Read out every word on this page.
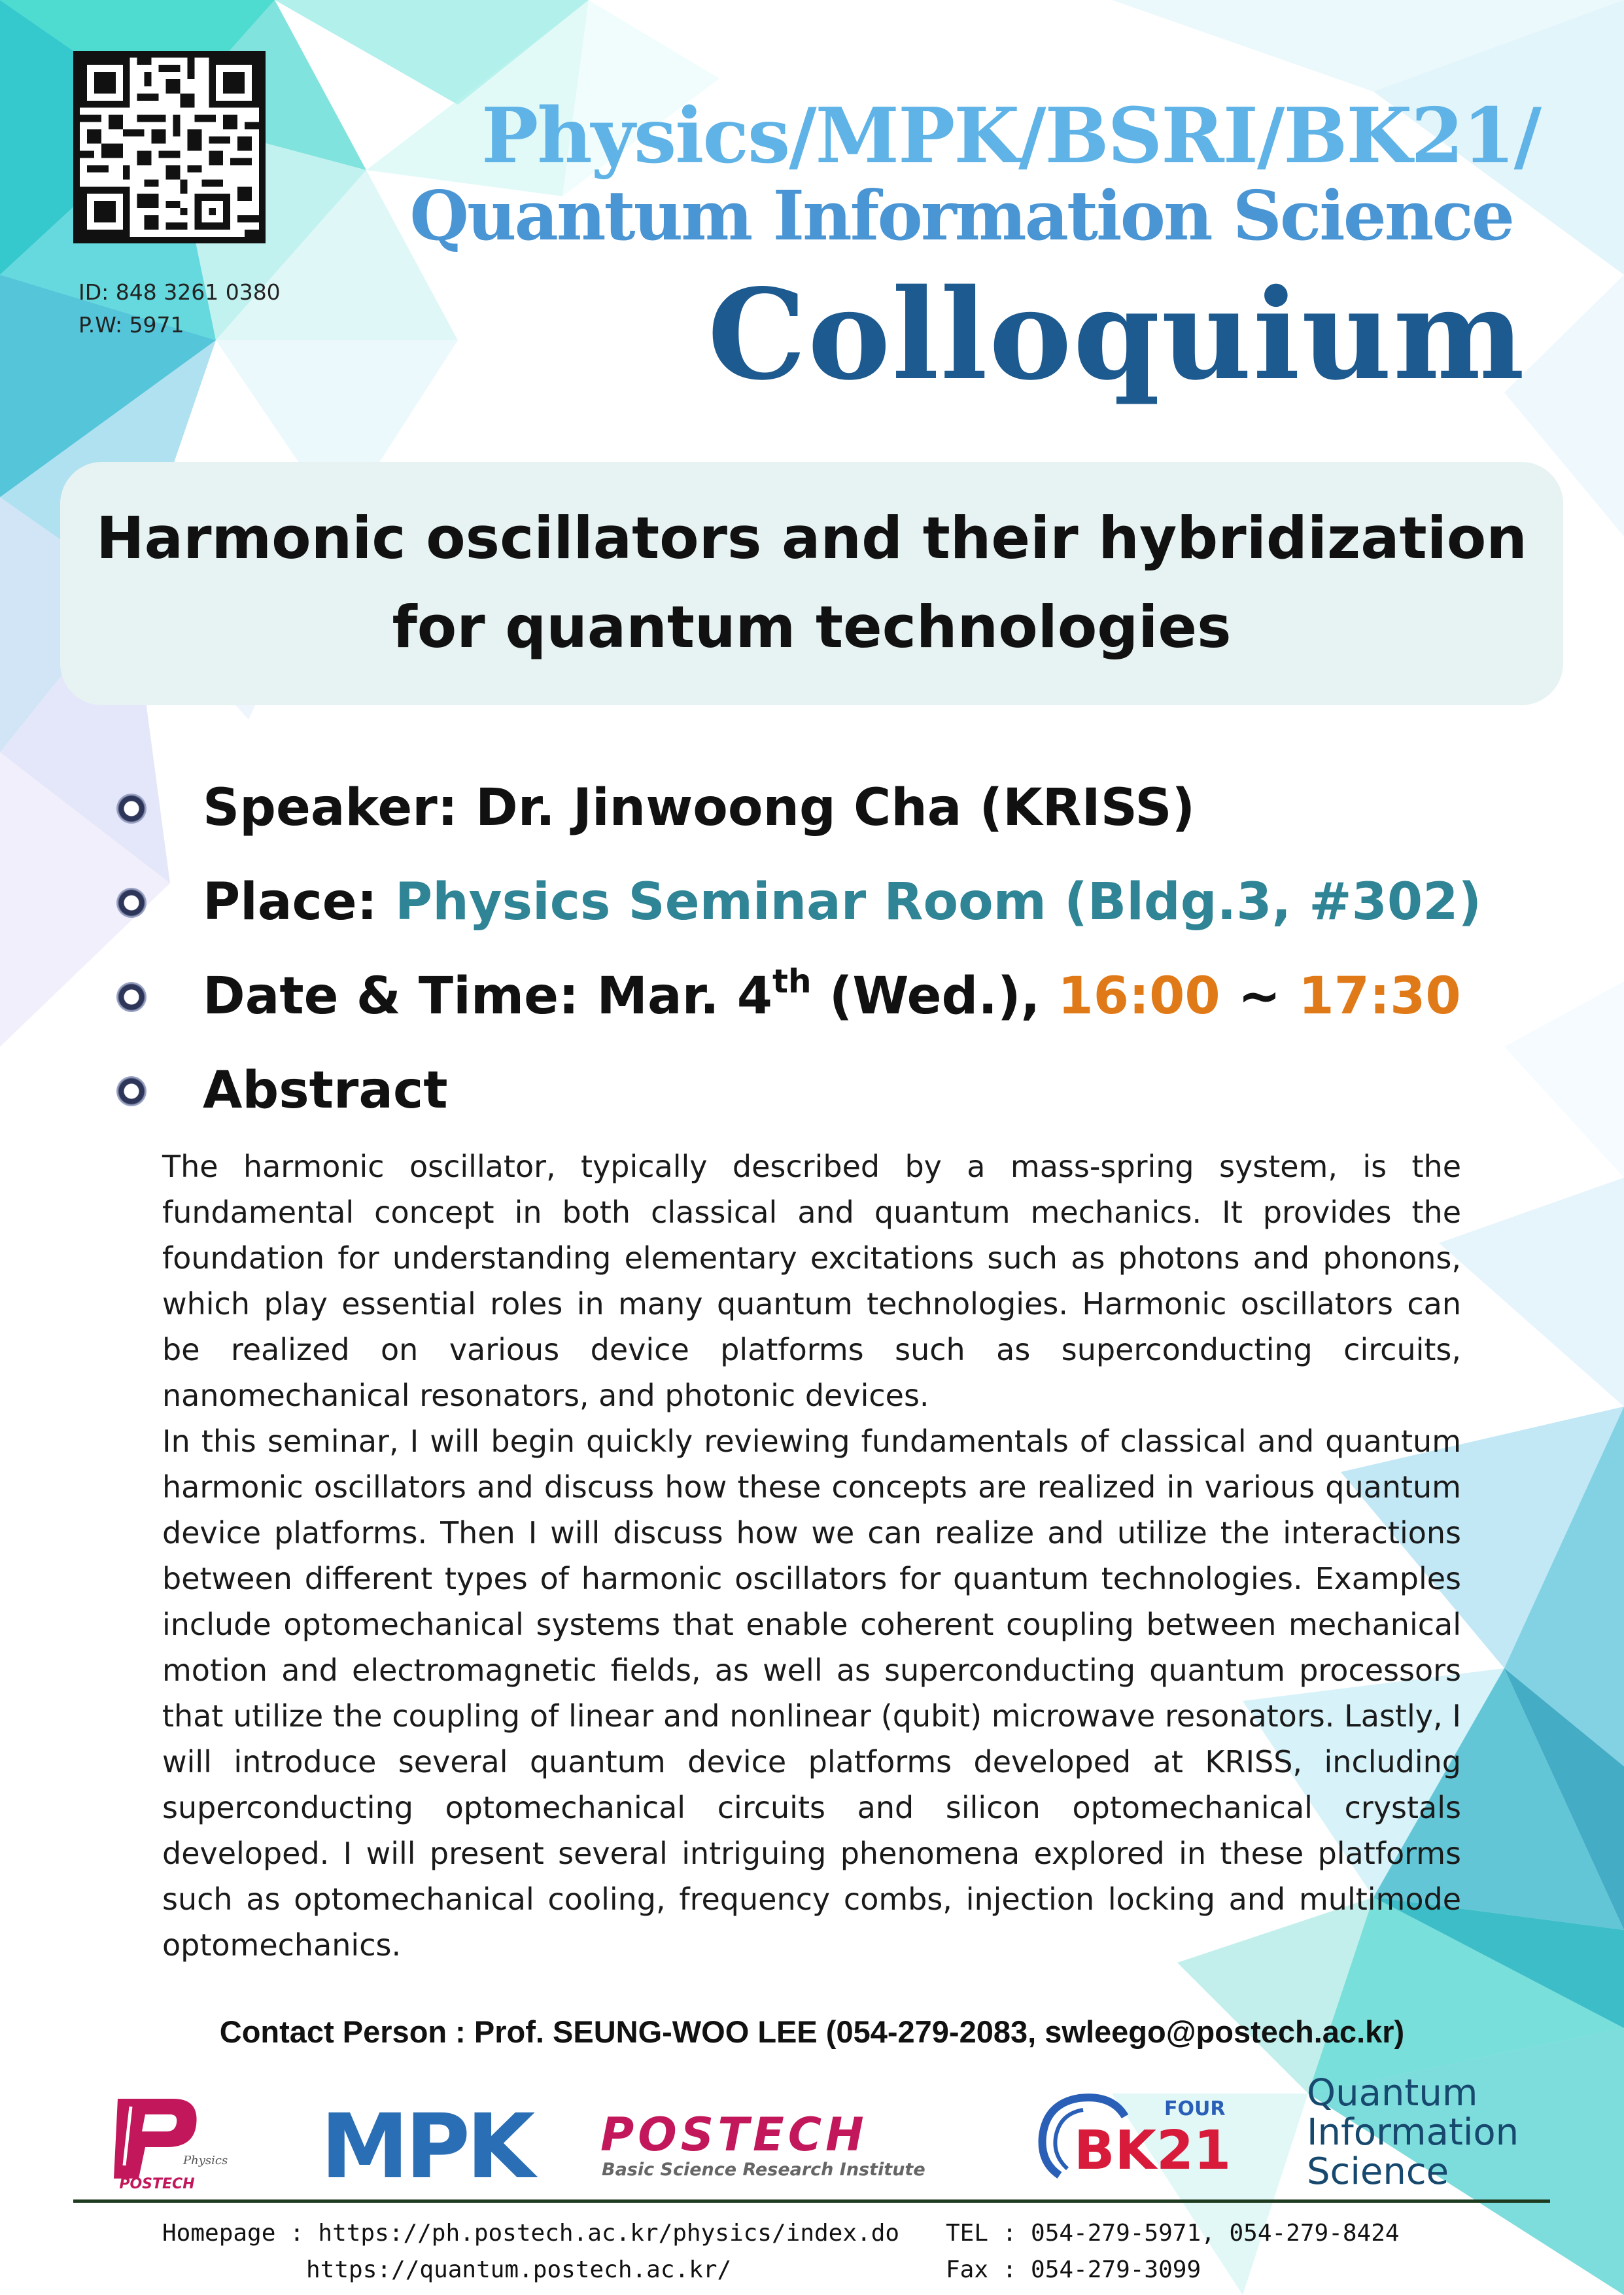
ID: 848 3261 0380
P.W: 5971
Physics/MPK/BSRI/BK21/
Quantum Information Science
Colloquium
Harmonic oscillators and their hybridization
for quantum technologies
Speaker: Dr. Jinwoong Cha (KRISS)
Place: Physics Seminar Room (Bldg.3, #302)
Date & Time: Mar. 4th (Wed.), 16:00 ~ 17:30
Abstract

The harmonic oscillator, typically described by a mass-spring system, is the fundamental concept in both classical and quantum mechanics. It provides the foundation for understanding elementary excitations such as photons and phonons, which play essential roles in many quantum technologies. Harmonic oscillators can be realized on various device platforms such as superconducting circuits, nanomechanical resonators, and photonic devices.

In this seminar, I will begin quickly reviewing fundamentals of classical and quantum harmonic oscillators and discuss how these concepts are realized in various quantum device platforms. Then I will discuss how we can realize and utilize the interactions between different types of harmonic oscillators for quantum technologies. Examples include optomechanical systems that enable coherent coupling between mechanical motion and electromagnetic fields, as well as superconducting quantum processors that utilize the coupling of linear and nonlinear (qubit) microwave resonators. Lastly, I will introduce several quantum device platforms developed at KRISS, including superconducting optomechanical circuits and silicon optomechanical crystals developed. I will present several intriguing phenomena explored in these platforms such as optomechanical cooling, frequency combs, injection locking and multimode optomechanics.

Contact Person : Prof. SEUNG-WOO LEE (054-279-2083, swleego@postech.ac.kr)
Physics
POSTECH MPK POSTECH
Basic Science Research Institute
FOUR
BK21
Quantum
Information
Science
Homepage : https://ph.postech.ac.kr/physics/index.do
https://quantum.postech.ac.kr/
TEL : 054-279-5971, 054-279-8424
Fax : 054-279-3099
